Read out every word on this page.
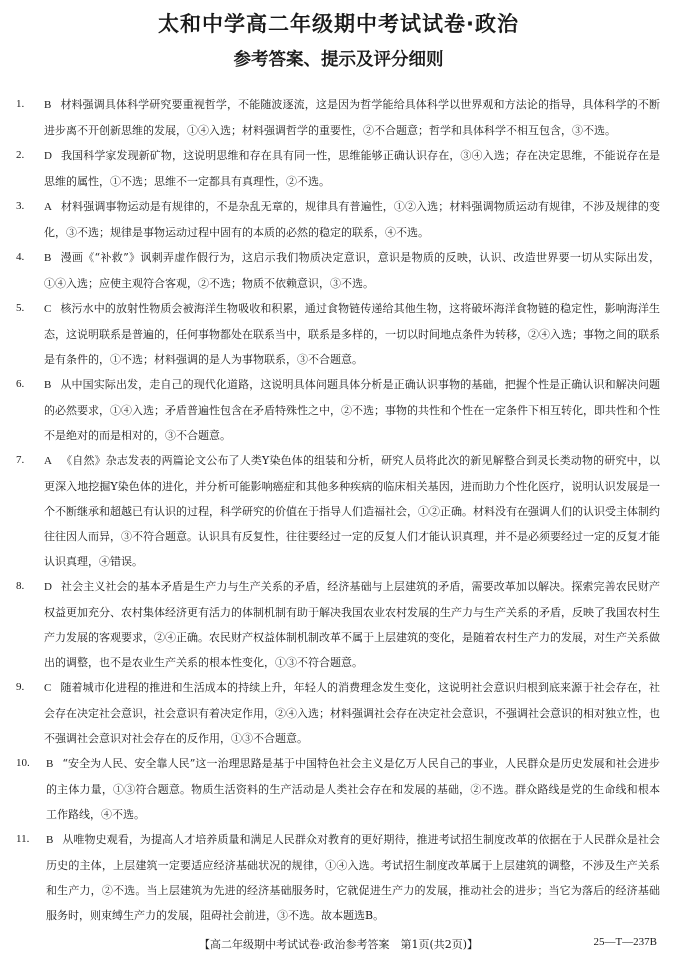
太和中学高二年级期中考试试卷·政治
参考答案、提示及评分细则
1. B 材料强调具体科学研究要重视哲学，不能随波逐流，这是因为哲学能给具体科学以世界观和方法论的指导，具体科学的不断进步离不开创新思维的发展，①④入选；材料强调哲学的重要性，②不合题意；哲学和具体科学不相互包含，③不选。
2. D 我国科学家发现新矿物，这说明思维和存在具有同一性，思维能够正确认识存在，③④入选；存在决定思维，不能说存在是思维的属性，①不选；思维不一定都具有真理性，②不选。
3. A 材料强调事物运动是有规律的，不是杂乱无章的，规律具有普遍性，①②入选；材料强调物质运动有规律，不涉及规律的变化，③不选；规律是事物运动过程中固有的本质的必然的稳定的联系，④不选。
4. B 漫画《“补救”》讽刺弄虚作假行为，这启示我们物质决定意识，意识是物质的反映，认识、改造世界要一切从实际出发，①④入选；应使主观符合客观，②不选；物质不依赖意识，③不选。
5. C 核污水中的放射性物质会被海洋生物吸收和积累，通过食物链传递给其他生物，这将破坏海洋食物链的稳定性，影响海洋生态，这说明联系是普遍的，任何事物都处在联系当中，联系是多样的，一切以时间地点条件为转移，②④入选；事物之间的联系是有条件的，①不选；材料强调的是人为事物联系，③不合题意。
6. B 从中国实际出发，走自己的现代化道路，这说明具体问题具体分析是正确认识事物的基础，把握个性是正确认识和解决问题的必然要求，①④入选；矛盾普遍性包含在矛盾特殊性之中，②不选；事物的共性和个性在一定条件下相互转化，即共性和个性不是绝对的而是相对的，③不合题意。
7. A 《自然》杂志发表的两篇论文公布了人类Y染色体的组装和分析，研究人员将此次的新见解整合到灵长类动物的研究中，以更深入地挖掘Y染色体的进化，并分析可能影响癌症和其他多种疾病的临床相关基因，进而助力个性化医疗，说明认识发展是一个不断继承和超越已有认识的过程，科学研究的价值在于指导人们造福社会，①②正确。材料没有在强调人们的认识受主体制约往往因人而异，③不符合题意。认识具有反复性，往往要经过一定的反复人们才能认识真理，并不是必须要经过一定的反复才能认识真理，④错误。
8. D 社会主义社会的基本矛盾是生产力与生产关系的矛盾，经济基础与上层建筑的矛盾，需要改革加以解决。探索完善农民财产权益更加充分、农村集体经济更有活力的体制机制有助于解决我国农业农村发展的生产力与生产关系的矛盾，反映了我国农村生产力发展的客观要求，②④正确。农民财产权益体制机制改革不属于上层建筑的变化，是随着农村生产力的发展，对生产关系做出的调整，也不是农业生产关系的根本性变化，①③不符合题意。
9. C 随着城市化进程的推进和生活成本的持续上升，年轻人的消费理念发生变化，这说明社会意识归根到底来源于社会存在，社会存在决定社会意识，社会意识有着决定作用，②④入选；材料强调社会存在决定社会意识，不强调社会意识的相对独立性，也不强调社会意识对社会存在的反作用，①③不合题意。
10. B “安全为人民、安全靠人民”这一治理思路是基于中国特色社会主义是亿万人民自己的事业，人民群众是历史发展和社会进步的主体力量，①③符合题意。物质生活资料的生产活动是人类社会存在和发展的基础，②不选。群众路线是党的生命线和根本工作路线，④不选。
11. B 从唯物史观看，为提高人才培养质量和满足人民群众对教育的更好期待，推进考试招生制度改革的依据在于人民群众是社会历史的主体，上层建筑一定要适应经济基础状况的规律，①④入选。考试招生制度改革属于上层建筑的调整，不涉及生产关系和生产力，②不选。当上层建筑为先进的经济基础服务时，它就促进生产力的发展，推动社会的进步；当它为落后的经济基础服务时，则束缚生产力的发展，阻碍社会前进，③不选。故本题选B。
【高二年级期中考试试卷·政治参考答案　第1页(共2页)】	25—T—237B
